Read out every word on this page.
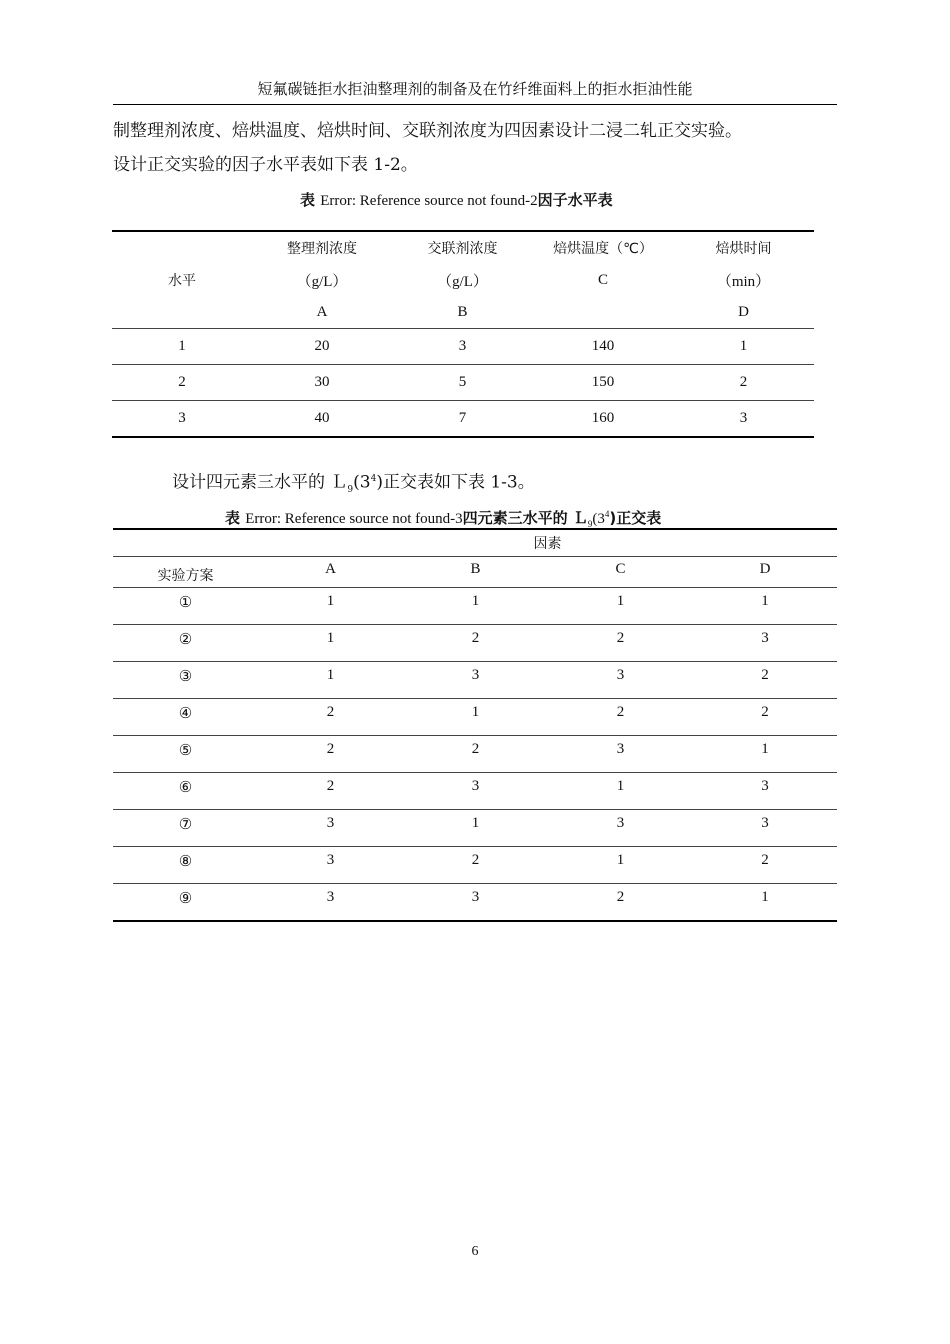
短氟碳链拒水拒油整理剂的制备及在竹纤维面料上的拒水拒油性能
制整理剂浓度、焙烘温度、焙烘时间、交联剂浓度为四因素设计二浸二轧正交实验。
设计正交实验的因子水平表如下表 1-2。
表 Error: Reference source not found-2因子水平表
水平	整理剂浓度	交联剂浓度	焙烘温度（℃）	焙烘时间
	（g/L）	（g/L）	C	（min）
	A	B		D
1	20	3	140	1
2	30	5	150	2
3	40	7	160	3
设计四元素三水平的 $L_9(3^4)$正交表如下表 1-3。
表 Error: Reference source not found-3四元素三水平的 $L_9(3^4)$正交表
	因素			
实验方案	A	B	C	D
①	1	1	1	1
②	1	2	2	3
③	1	3	3	2
④	2	1	2	2
⑤	2	2	3	1
⑥	2	3	1	3
⑦	3	1	3	3
⑧	3	2	1	2
⑨	3	3	2	1
6
